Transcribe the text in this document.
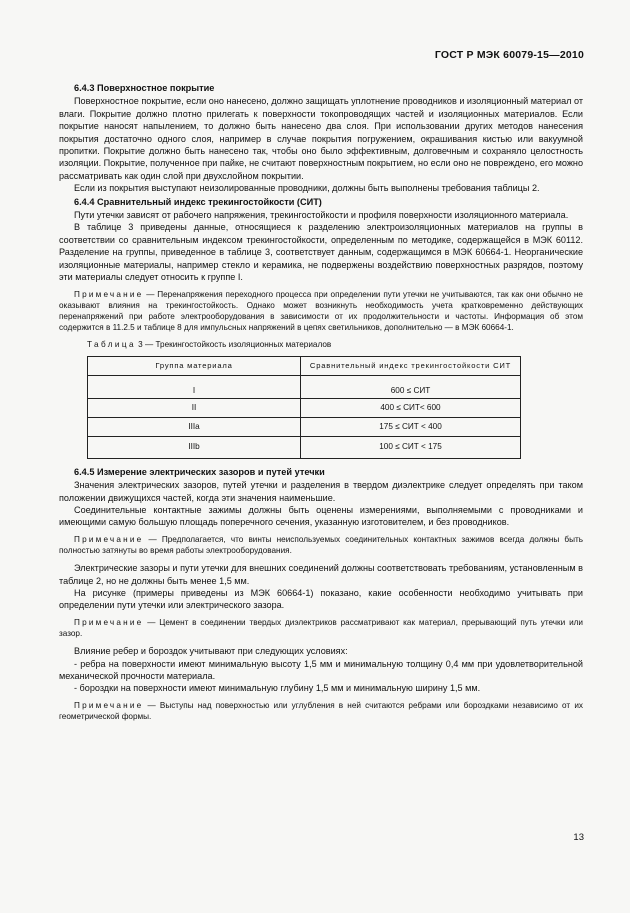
ГОСТ Р МЭК 60079-15—2010
6.4.3 Поверхностное покрытие

Поверхностное покрытие, если оно нанесено, должно защищать уплотнение проводников и изоляционный материал от влаги. Покрытие должно плотно прилегать к поверхности токопроводящих частей и изоляционных материалов. Если покрытие наносят напылением, то должно быть нанесено два слоя. При использовании других методов нанесения покрытия достаточно одного слоя, например в случае покрытия погружением, окрашивания кистью или вакуумной пропитки. Покрытие должно быть нанесено так, чтобы оно было эффективным, долговечным и сохраняло целостность изоляции. Покрытие, полученное при пайке, не считают поверхностным покрытием, но если оно не повреждено, его можно рассматривать как один слой при двухслойном покрытии.

Если из покрытия выступают неизолированные проводники, должны быть выполнены требования таблицы 2.

6.4.4 Сравнительный индекс трекингостойкости (СИТ)

Пути утечки зависят от рабочего напряжения, трекингостойкости и профиля поверхности изоляционного материала.

В таблице 3 приведены данные, относящиеся к разделению электроизоляционных материалов на группы в соответствии со сравнительным индексом трекингостойкости, определенным по методике, содержащейся в МЭК 60112. Разделение на группы, приведенное в таблице 3, соответствует данным, содержащимся в МЭК 60664-1. Неорганические изоляционные материалы, например стекло и керамика, не подвержены воздействию поверхностных разрядов, поэтому эти материалы следует относить к группе I.

Примечание — Перенапряжения переходного процесса при определении пути утечки не учитываются, так как они обычно не оказывают влияния на трекингостойкость. Однако может возникнуть необходимость учета кратковременно действующих перенапряжений при работе электрооборудования в зависимости от их продолжительности и частоты. Информация об этом содержится в 11.2.5 и таблице 8 для импульсных напряжений в цепях светильников, дополнительно — в МЭК 60664-1.

Таблица 3 — Трекингостойкость изоляционных материалов
Группа материала	Сравнительный индекс трекингостойкости СИТ
I	600 ≤ СИТ
II	400 ≤ СИТ< 600
IIIa	175 ≤ СИТ < 400
IIIb	100 ≤ СИТ < 175
6.4.5 Измерение электрических зазоров и путей утечки

Значения электрических зазоров, путей утечки и разделения в твердом диэлектрике следует определять при таком положении движущихся частей, когда эти значения наименьшие.

Соединительные контактные зажимы должны быть оценены измерениями, выполняемыми с проводниками и имеющими самую большую площадь поперечного сечения, указанную изготовителем, и без проводников.

Примечание — Предполагается, что винты неиспользуемых соединительных контактных зажимов всегда должны быть полностью затянуты во время работы электрооборудования.

Электрические зазоры и пути утечки для внешних соединений должны соответствовать требованиям, установленным в таблице 2, но не должны быть менее 1,5 мм.

На рисунке (примеры приведены из МЭК 60664-1) показано, какие особенности необходимо учитывать при определении пути утечки или электрического зазора.

Примечание — Цемент в соединении твердых диэлектриков рассматривают как материал, прерывающий путь утечки или зазор.

Влияние ребер и бороздок учитывают при следующих условиях:

- ребра на поверхности имеют минимальную высоту 1,5 мм и минимальную толщину 0,4 мм при удовлетворительной механической прочности материала.

- бороздки на поверхности имеют минимальную глубину 1,5 мм и минимальную ширину 1,5 мм.

Примечание — Выступы над поверхностью или углубления в ней считаются ребрами или бороздками независимо от их геометрической формы.

13
